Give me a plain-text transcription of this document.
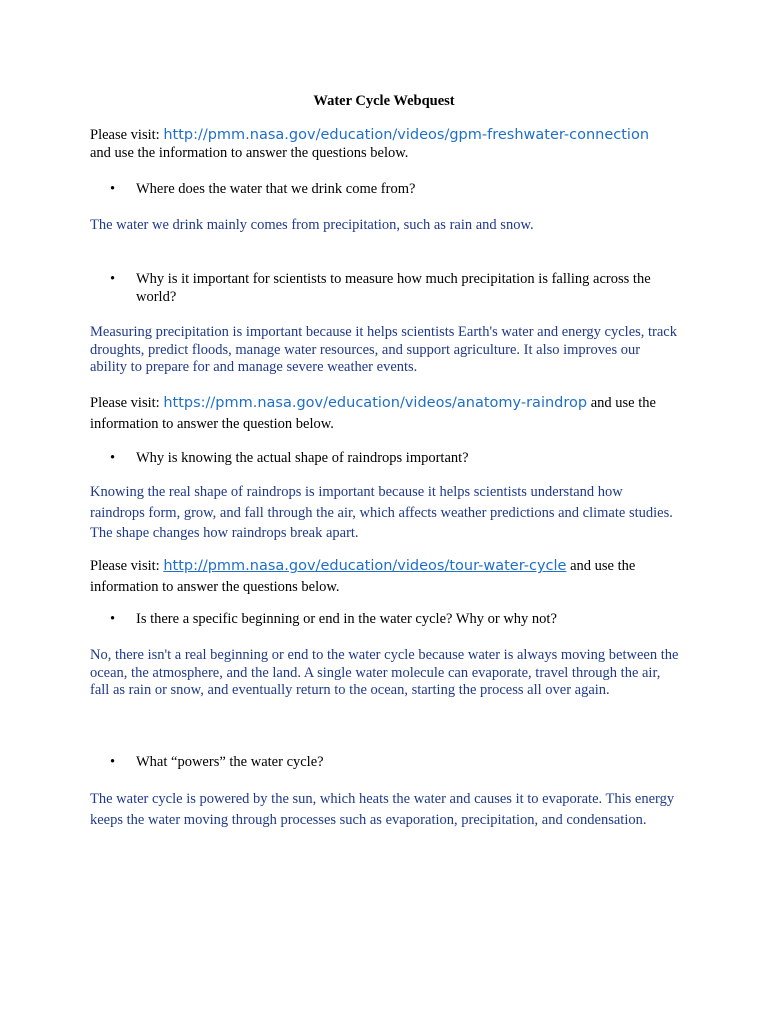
Water Cycle Webquest

Please visit: http://pmm.nasa.gov/education/videos/gpm-freshwater-connection
and use the information to answer the questions below.

•	Where does the water that we drink come from?

The water we drink mainly comes from precipitation, such as rain and snow.

•	Why is it important for scientists to measure how much precipitation is falling across the world?

Measuring precipitation is important because it helps scientists Earth's water and energy cycles, track droughts, predict floods, manage water resources, and support agriculture. It also improves our ability to prepare for and manage severe weather events.

Please visit: https://pmm.nasa.gov/education/videos/anatomy-raindrop and use the information to answer the question below.

•	Why is knowing the actual shape of raindrops important?

Knowing the real shape of raindrops is important because it helps scientists understand how raindrops form, grow, and fall through the air, which affects weather predictions and climate studies. The shape changes how raindrops break apart.

Please visit: http://pmm.nasa.gov/education/videos/tour-water-cycle and use the information to answer the questions below.

•	Is there a specific beginning or end in the water cycle? Why or why not?

No, there isn't a real beginning or end to the water cycle because water is always moving between the ocean, the atmosphere, and the land. A single water molecule can evaporate, travel through the air, fall as rain or snow, and eventually return to the ocean, starting the process all over again.

•	What “powers” the water cycle?

The water cycle is powered by the sun, which heats the water and causes it to evaporate. This energy keeps the water moving through processes such as evaporation, precipitation, and condensation.
